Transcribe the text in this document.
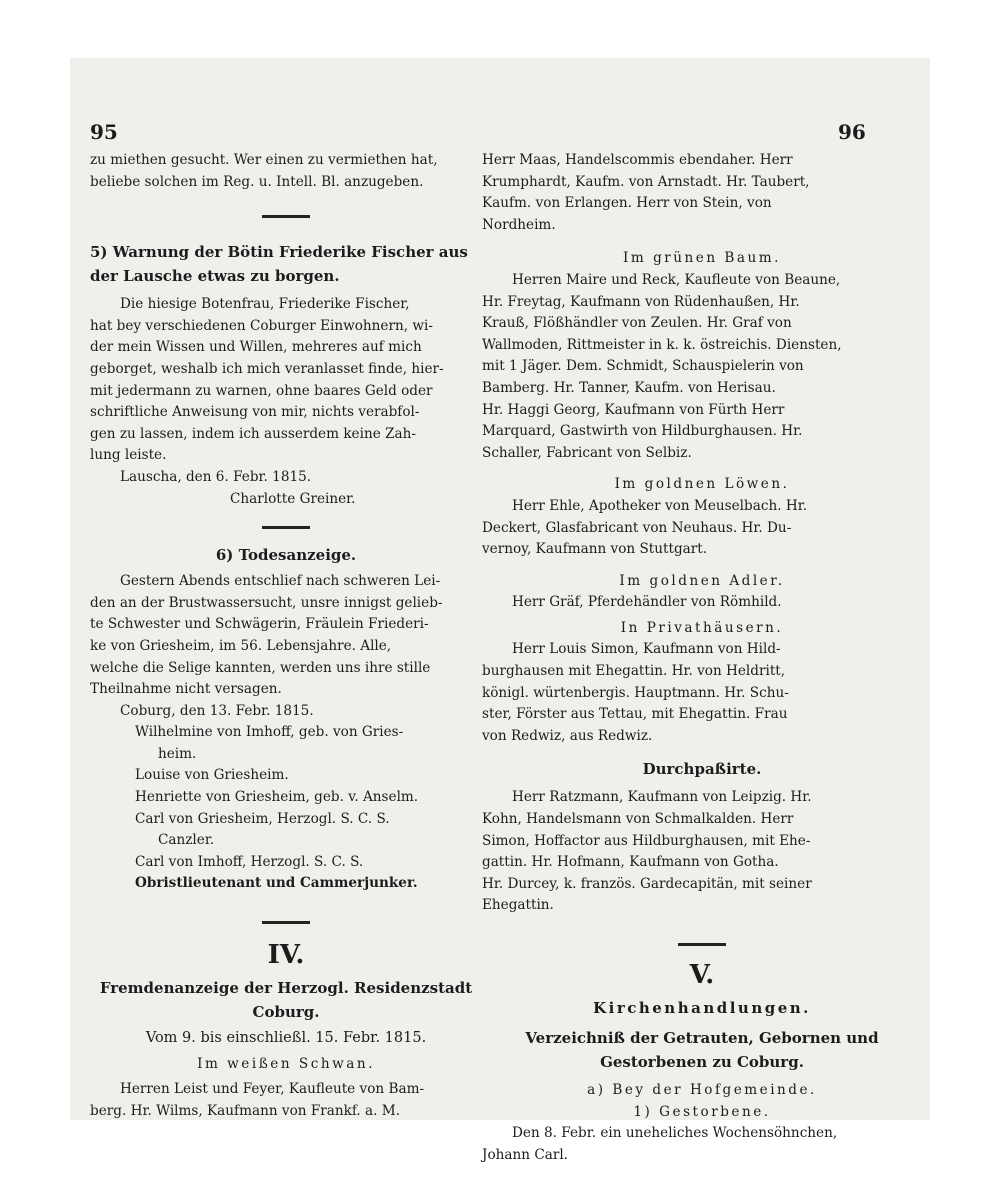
95	96

zu miethen gesucht. Wer einen zu vermiethen hat,

beliebe solchen im Reg. u. Intell. Bl. anzugeben.

5) Warnung der Bötin Friederike Fischer aus

der Lausche etwas zu borgen.

Die hiesige Botenfrau, Friederike Fischer,

hat bey verschiedenen Coburger Einwohnern, wi-

der mein Wissen und Willen, mehreres auf mich

geborget, weshalb ich mich veranlasset finde, hier-

mit jedermann zu warnen, ohne baares Geld oder

schriftliche Anweisung von mir, nichts verabfol-

gen zu lassen, indem ich ausserdem keine Zah-

lung leiste.

Lauscha, den 6. Febr. 1815.

Charlotte Greiner.

6) Todesanzeige.

Gestern Abends entschlief nach schweren Lei-

den an der Brustwassersucht, unsre innigst gelieb-

te Schwester und Schwägerin, Fräulein Friederi-

ke von Griesheim, im 56. Lebensjahre. Alle,

welche die Selige kannten, werden uns ihre stille

Theilnahme nicht versagen.

Coburg, den 13. Febr. 1815.

Wilhelmine von Imhoff, geb. von Gries-

heim.

Louise von Griesheim.

Henriette von Griesheim, geb. v. Anselm.

Carl von Griesheim, Herzogl. S. C. S.

Canzler.

Carl von Imhoff, Herzogl. S. C. S.

Obristlieutenant und Cammerjunker.

IV.

Fremdenanzeige der Herzogl. Residenzstadt

Coburg.

Vom 9. bis einschließl. 15. Febr. 1815.

Im weißen Schwan.

Herren Leist und Feyer, Kaufleute von Bam-

berg. Hr. Wilms, Kaufmann von Frankf. a. M.

Herr Maas, Handelscommis ebendaher. Herr

Krumphardt, Kaufm. von Arnstadt. Hr. Taubert,

Kaufm. von Erlangen. Herr von Stein, von

Nordheim.

Im grünen Baum.

Herren Maire und Reck, Kaufleute von Beaune,

Hr. Freytag, Kaufmann von Rüdenhaußen, Hr.

Krauß, Flößhändler von Zeulen. Hr. Graf von

Wallmoden, Rittmeister in k. k. östreichis. Diensten,

mit 1 Jäger. Dem. Schmidt, Schauspielerin von

Bamberg. Hr. Tanner, Kaufm. von Herisau.

Hr. Haggi Georg, Kaufmann von Fürth Herr

Marquard, Gastwirth von Hildburghausen. Hr.

Schaller, Fabricant von Selbiz.

Im goldnen Löwen.

Herr Ehle, Apotheker von Meuselbach. Hr.

Deckert, Glasfabricant von Neuhaus. Hr. Du-

vernoy, Kaufmann von Stuttgart.

Im goldnen Adler.

Herr Gräf, Pferdehändler von Römhild.

In Privathäusern.

Herr Louis Simon, Kaufmann von Hild-

burghausen mit Ehegattin. Hr. von Heldritt,

königl. würtenbergis. Hauptmann. Hr. Schu-

ster, Förster aus Tettau, mit Ehegattin. Frau

von Redwiz, aus Redwiz.

Durchpaßirte.

Herr Ratzmann, Kaufmann von Leipzig. Hr.

Kohn, Handelsmann von Schmalkalden. Herr

Simon, Hoffactor aus Hildburghausen, mit Ehe-

gattin. Hr. Hofmann, Kaufmann von Gotha.

Hr. Durcey, k. französ. Gardecapitän, mit seiner

Ehegattin.

V.

Kirchenhandlungen.

Verzeichniß der Getrauten, Gebornen und

Gestorbenen zu Coburg.

a) Bey der Hofgemeinde.

1) Gestorbene.

Den 8. Febr. ein uneheliches Wochensöhnchen,

Johann Carl.
